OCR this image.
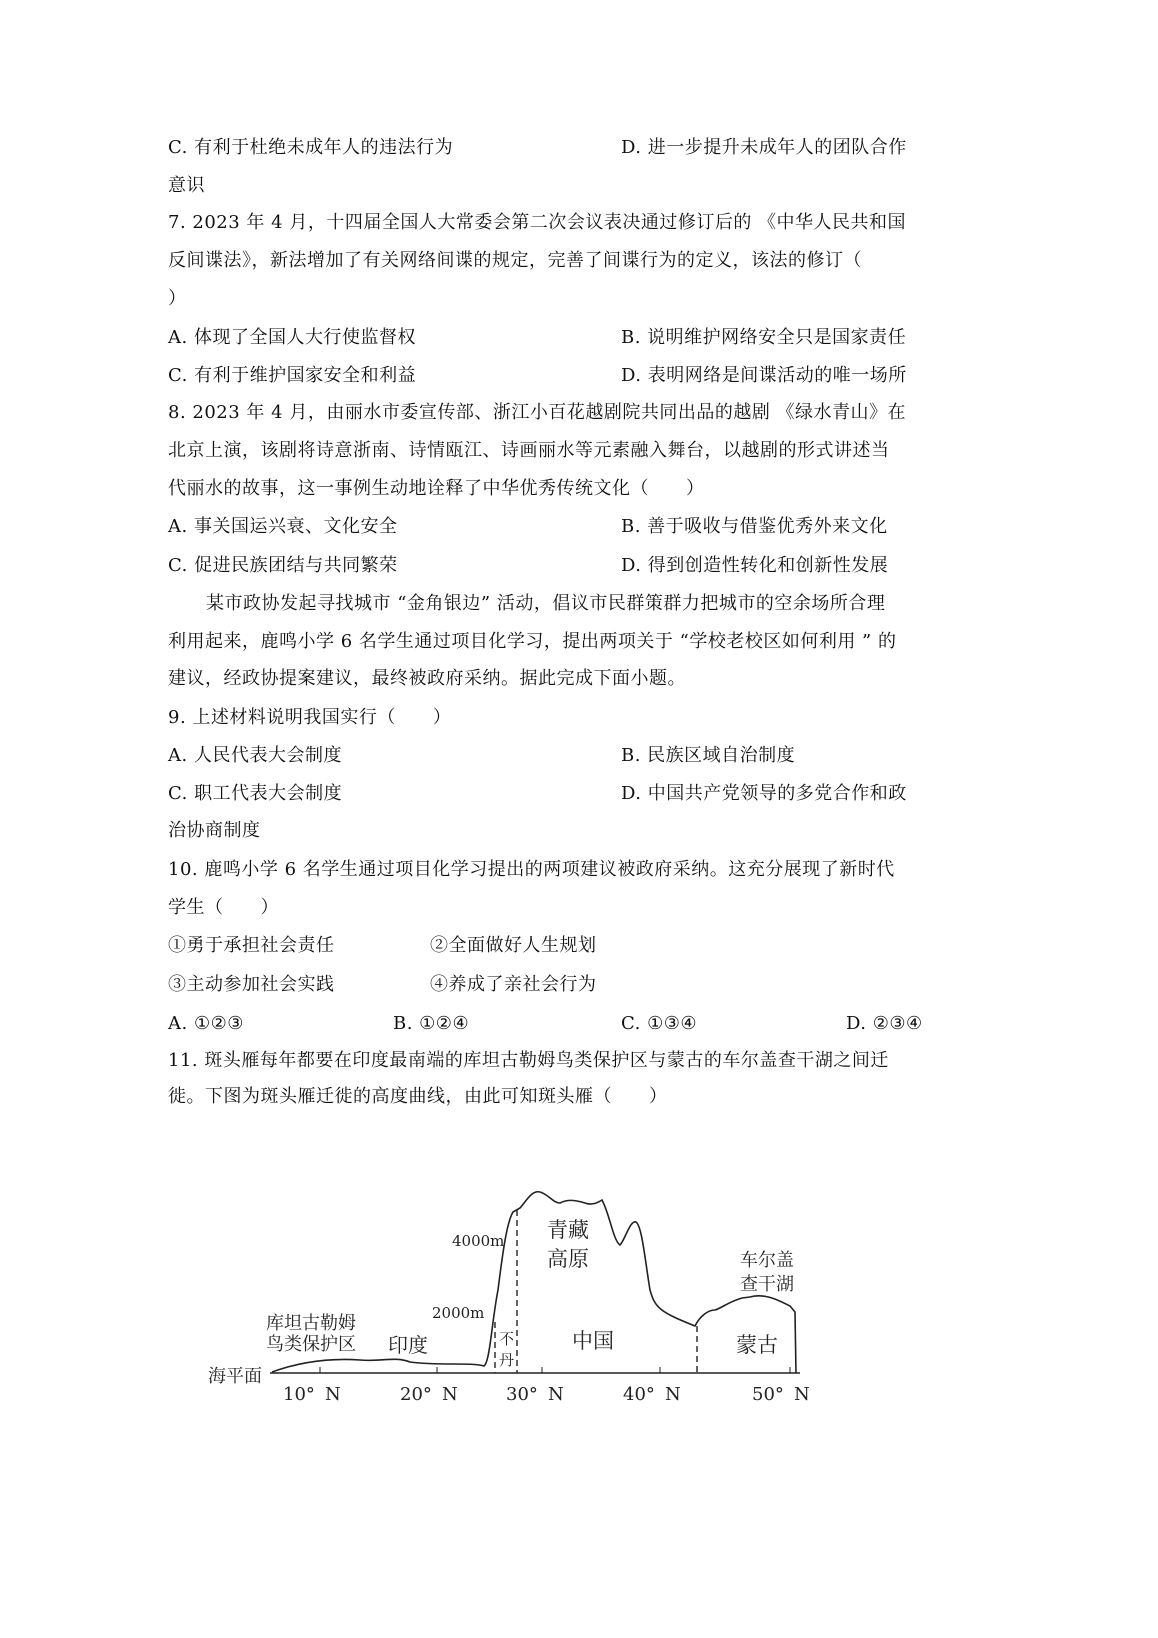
C. 有利于杜绝未成年人的违法行为	D. 进一步提升未成年人的团队合作
意识
7. 2023 年 4 月，十四届全国人大常委会第二次会议表决通过修订后的 《中华人民共和国
反间谍法》，新法增加了有关网络间谍的规定，完善了间谍行为的定义，该法的修订（
）
A. 体现了全国人大行使监督权	B. 说明维护网络安全只是国家责任
C. 有利于维护国家安全和利益	D. 表明网络是间谍活动的唯一场所
8. 2023 年 4 月，由丽水市委宣传部、浙江小百花越剧院共同出品的越剧 《绿水青山》在
北京上演，该剧将诗意浙南、诗情瓯江、诗画丽水等元素融入舞台，以越剧的形式讲述当
代丽水的故事，这一事例生动地诠释了中华优秀传统文化（　　）
A. 事关国运兴衰、文化安全	B. 善于吸收与借鉴优秀外来文化
C. 促进民族团结与共同繁荣	D. 得到创造性转化和创新性发展
某市政协发起寻找城市 “金角银边” 活动，倡议市民群策群力把城市的空余场所合理
利用起来，鹿鸣小学 6 名学生通过项目化学习，提出两项关于 “学校老校区如何利用 ” 的
建议，经政协提案建议，最终被政府采纳。据此完成下面小题。
9. 上述材料说明我国实行（　　）
A. 人民代表大会制度	B. 民族区域自治制度
C. 职工代表大会制度	D. 中国共产党领导的多党合作和政
治协商制度
10. 鹿鸣小学 6 名学生通过项目化学习提出的两项建议被政府采纳。这充分展现了新时代
学生（　　）
①勇于承担社会责任	②全面做好人生规划
③主动参加社会实践	④养成了亲社会行为
A. ①②③	B. ①②④	C. ①③④	D. ②③④
11. 斑头雁每年都要在印度最南端的库坦古勒姆鸟类保护区与蒙古的车尔盖查干湖之间迁
徙。下图为斑头雁迁徙的高度曲线，由此可知斑头雁（　　）
4000m
2000m
海平面
库坦古勒姆
鸟类保护区 印度	不
丹
青藏
高原
中国	蒙古
车尔盖
查干湖
10° N	20° N	30° N	40° N	50° N
